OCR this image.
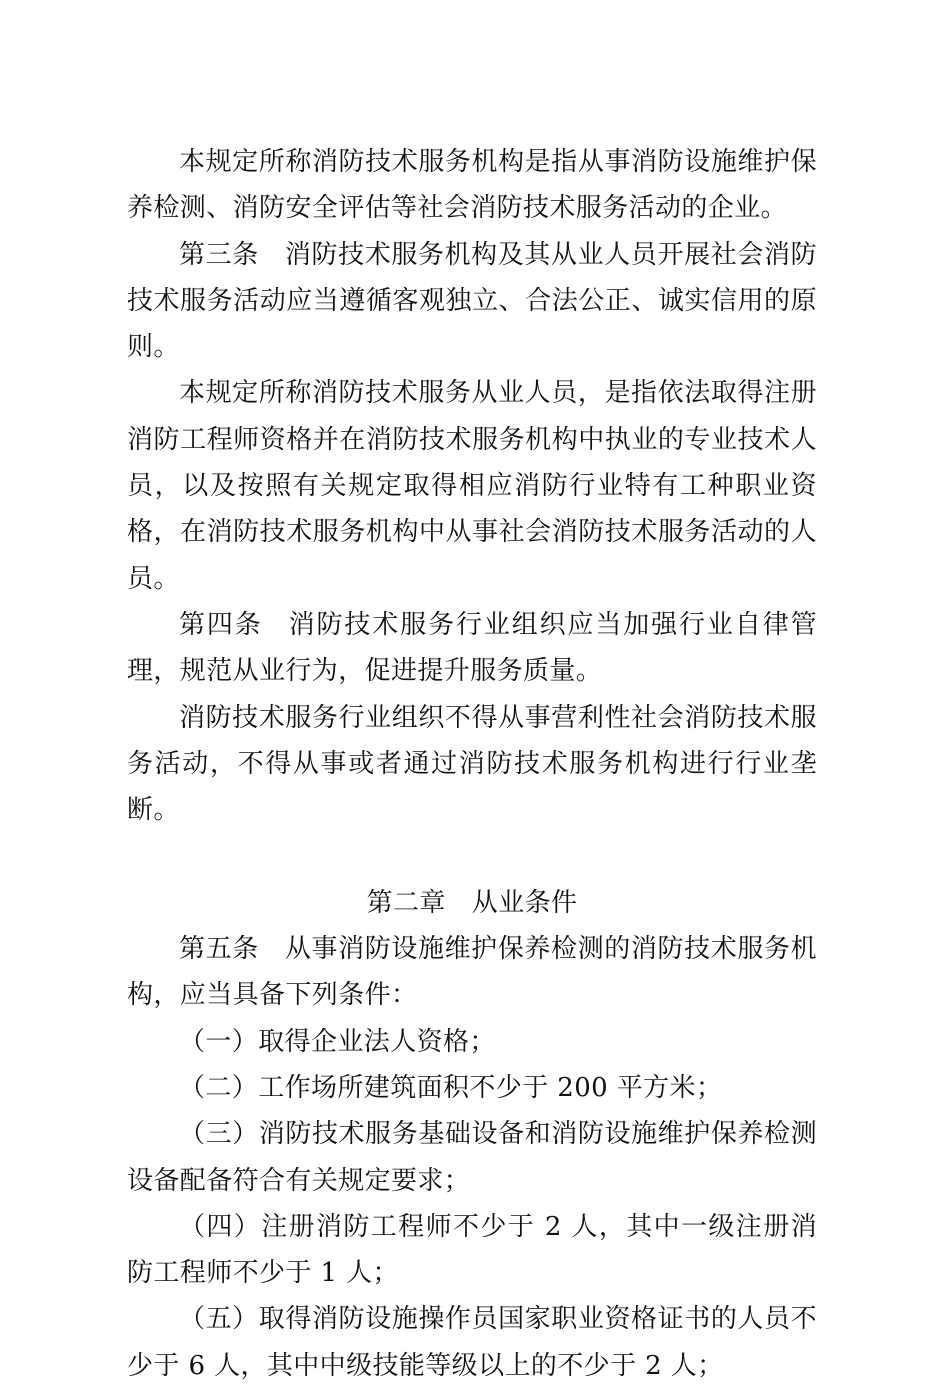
本规定所称消防技术服务机构是指从事消防设施维护保养检测、消防安全评估等社会消防技术服务活动的企业。

第三条 消防技术服务机构及其从业人员开展社会消防技术服务活动应当遵循客观独立、合法公正、诚实信用的原则。

本规定所称消防技术服务从业人员，是指依法取得注册消防工程师资格并在消防技术服务机构中执业的专业技术人员，以及按照有关规定取得相应消防行业特有工种职业资格，在消防技术服务机构中从事社会消防技术服务活动的人员。

第四条 消防技术服务行业组织应当加强行业自律管理，规范从业行为，促进提升服务质量。

消防技术服务行业组织不得从事营利性社会消防技术服务活动，不得从事或者通过消防技术服务机构进行行业垄断。

第二章 从业条件

第五条 从事消防设施维护保养检测的消防技术服务机构，应当具备下列条件：

（一）取得企业法人资格；

（二）工作场所建筑面积不少于 200 平方米；

（三）消防技术服务基础设备和消防设施维护保养检测设备配备符合有关规定要求；

（四）注册消防工程师不少于 2 人，其中一级注册消防工程师不少于 1 人；

（五）取得消防设施操作员国家职业资格证书的人员不少于 6 人，其中中级技能等级以上的不少于 2 人；
